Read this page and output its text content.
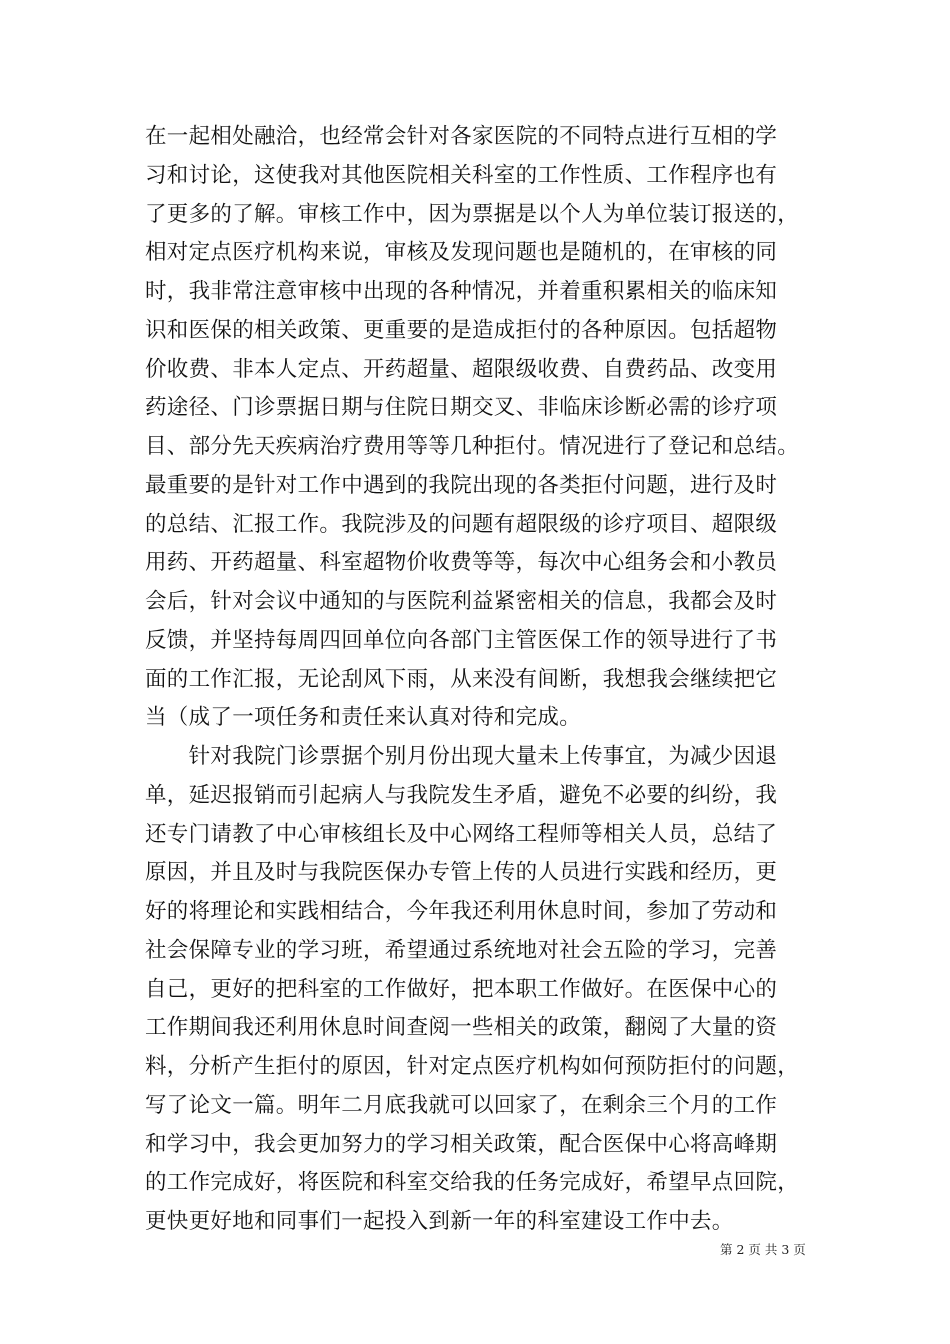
在一起相处融洽，也经常会针对各家医院的不同特点进行互相的学
习和讨论，这使我对其他医院相关科室的工作性质、工作程序也有
了更多的了解。审核工作中，因为票据是以个人为单位装订报送的，
相对定点医疗机构来说，审核及发现问题也是随机的，在审核的同
时，我非常注意审核中出现的各种情况，并着重积累相关的临床知
识和医保的相关政策、更重要的是造成拒付的各种原因。包括超物
价收费、非本人定点、开药超量、超限级收费、自费药品、改变用
药途径、门诊票据日期与住院日期交叉、非临床诊断必需的诊疗项
目、部分先天疾病治疗费用等等几种拒付。情况进行了登记和总结。
最重要的是针对工作中遇到的我院出现的各类拒付问题，进行及时
的总结、汇报工作。我院涉及的问题有超限级的诊疗项目、超限级
用药、开药超量、科室超物价收费等等，每次中心组务会和小教员
会后，针对会议中通知的与医院利益紧密相关的信息，我都会及时
反馈，并坚持每周四回单位向各部门主管医保工作的领导进行了书
面的工作汇报，无论刮风下雨，从来没有间断，我想我会继续把它
当（成了一项任务和责任来认真对待和完成。
　　针对我院门诊票据个别月份出现大量未上传事宜，为减少因退
单，延迟报销而引起病人与我院发生矛盾，避免不必要的纠纷，我
还专门请教了中心审核组长及中心网络工程师等相关人员，总结了
原因，并且及时与我院医保办专管上传的人员进行实践和经历，更
好的将理论和实践相结合，今年我还利用休息时间，参加了劳动和
社会保障专业的学习班，希望通过系统地对社会五险的学习，完善
自己，更好的把科室的工作做好，把本职工作做好。在医保中心的
工作期间我还利用休息时间查阅一些相关的政策，翻阅了大量的资
料，分析产生拒付的原因，针对定点医疗机构如何预防拒付的问题，
写了论文一篇。明年二月底我就可以回家了，在剩余三个月的工作
和学习中，我会更加努力的学习相关政策，配合医保中心将高峰期
的工作完成好，将医院和科室交给我的任务完成好，希望早点回院，
更快更好地和同事们一起投入到新一年的科室建设工作中去。
第 2 页 共 3 页
